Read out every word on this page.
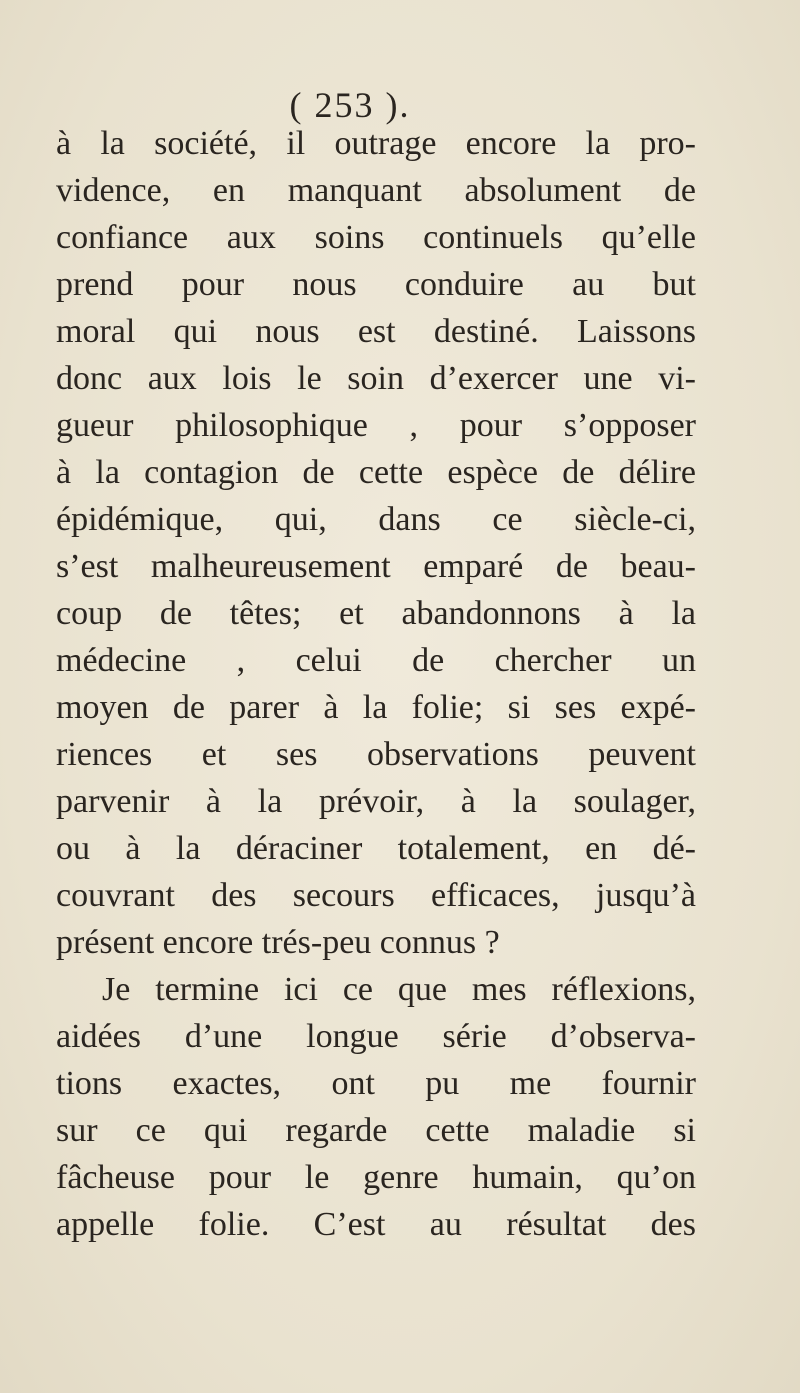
( 253 ).
à la société, il outrage encore la pro-
vidence, en manquant absolument de
confiance aux soins continuels qu’elle
prend pour nous conduire au but
moral qui nous est destiné. Laissons
donc aux lois le soin d’exercer une vi-
gueur philosophique , pour s’opposer
à la contagion de cette espèce de délire
épidémique, qui, dans ce siècle-ci,
s’est malheureusement emparé de beau-
coup de têtes; et abandonnons à la
médecine , celui de chercher un
moyen de parer à la folie; si ses expé-
riences et ses observations peuvent
parvenir à la prévoir, à la soulager,
ou à la déraciner totalement, en dé-
couvrant des secours efficaces, jusqu’à
présent encore trés-peu connus ?
Je termine ici ce que mes réflexions,
aidées d’une longue série d’observa-
tions exactes, ont pu me fournir
sur ce qui regarde cette maladie si
fâcheuse pour le genre humain, qu’on
appelle folie. C’est au résultat des
